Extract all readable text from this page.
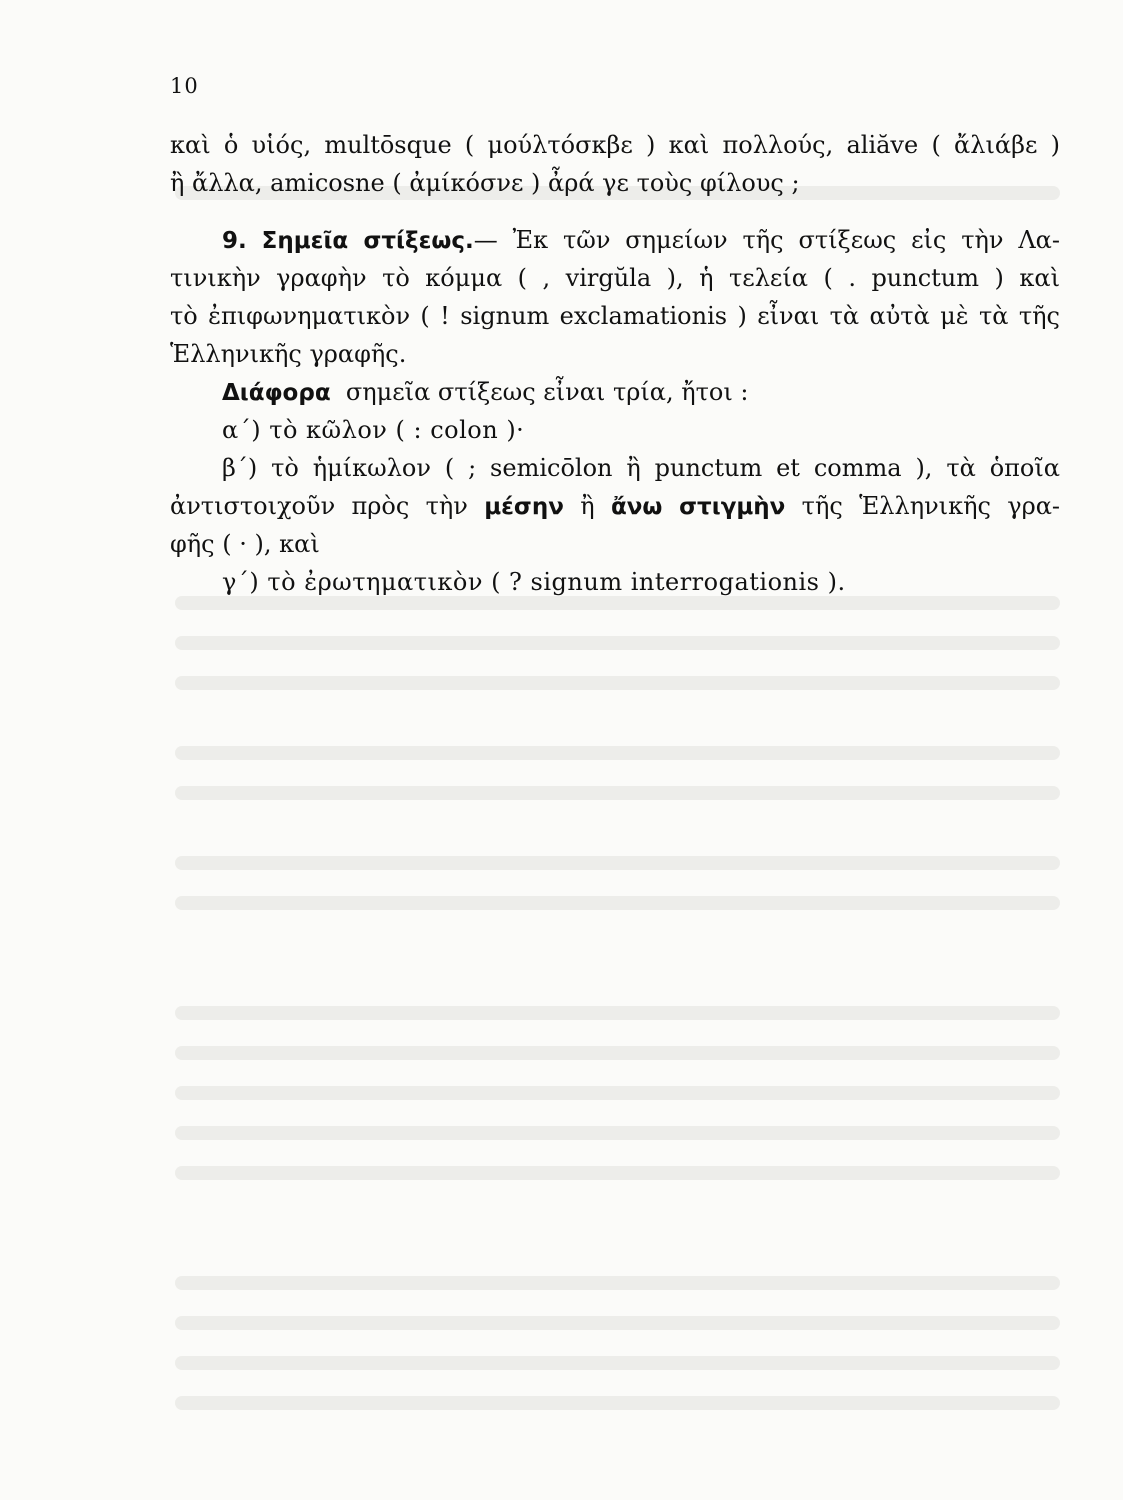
10
καὶ ὁ υἱός, multōsque ( μούλτόσκβε ) καὶ πολλούς, aliăve ( ἄλιάβε )
ἢ ἄλλα, amicosne ( ἀμίκόσνε ) ἆρά γε τοὺς φίλους ;
9. Σημεῖα στίξεως.— Ἐκ τῶν σημείων τῆς στίξεως εἰς τὴν Λα-
τινικὴν γραφὴν τὸ κόμμα ( , virgŭla ), ἡ τελεία ( . punctum ) καὶ
τὸ ἐπιφωνηματικὸν ( ! signum exclamationis ) εἶναι τὰ αὐτὰ μὲ τὰ τῆς
Ἑλληνικῆς γραφῆς.
Διάφορα σημεῖα στίξεως εἶναι τρία, ἤτοι :
α΄) τὸ κῶλον ( : colon )·
β΄) τὸ ἡμίκωλον ( ; semicōlon ἢ punctum et comma ), τὰ ὁποῖα
ἀντιστοιχοῦν πρὸς τὴν μέσην ἢ ἄνω στιγμὴν τῆς Ἑλληνικῆς γρα-
φῆς ( · ), καὶ
γ΄) τὸ ἐρωτηματικὸν ( ? signum interrogationis ).
